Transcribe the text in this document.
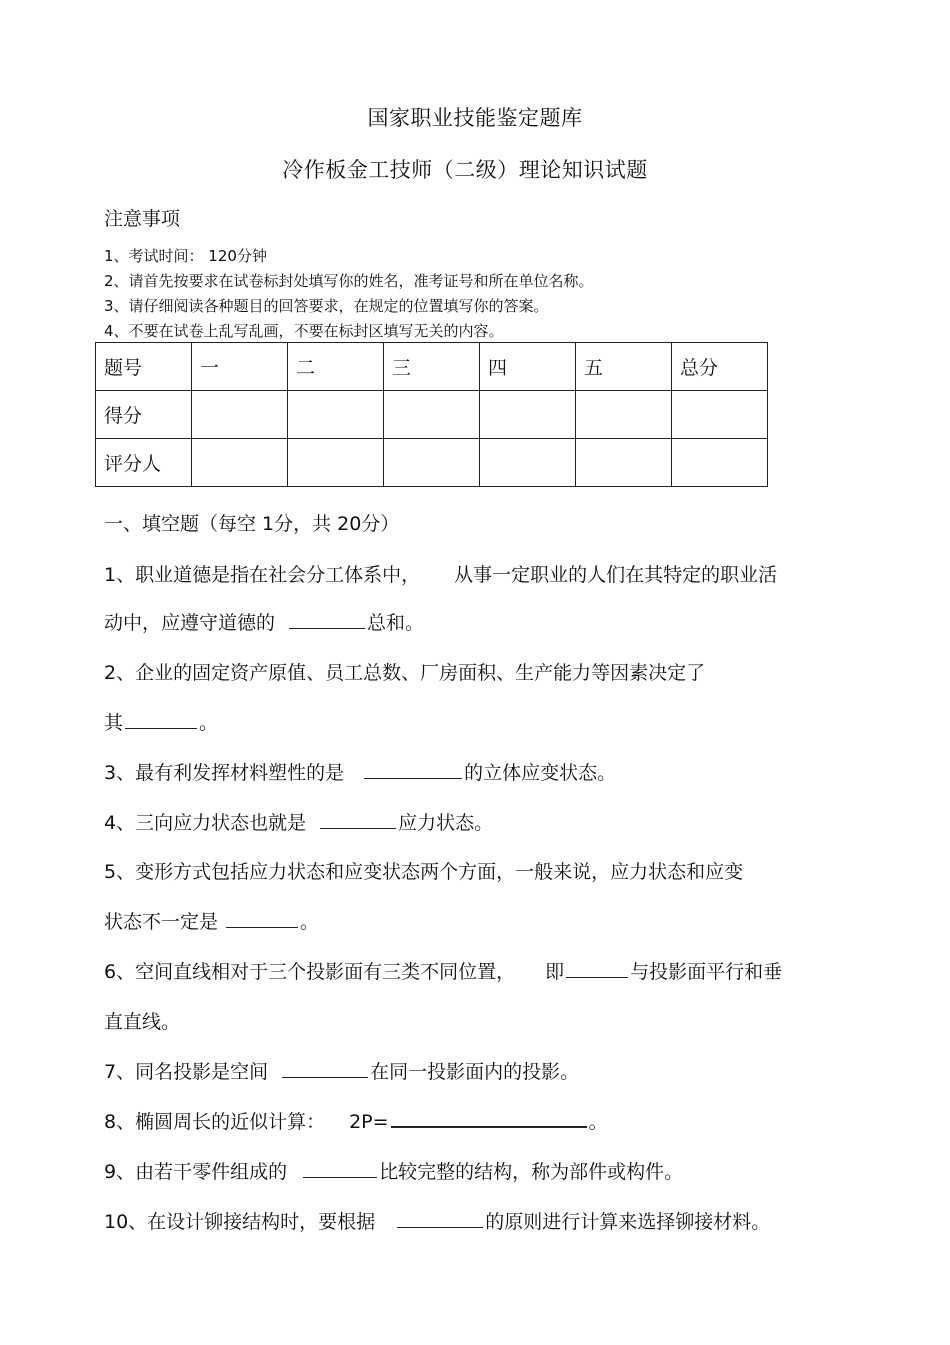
国家职业技能鉴定题库
冷作板金工技师（二级）理论知识试题
注意事项
1、考试时间： 120分钟
2、请首先按要求在试卷标封处填写你的姓名，准考证号和所在单位名称。
3、请仔细阅读各种题目的回答要求，在规定的位置填写你的答案。
4、不要在试卷上乱写乱画，不要在标封区填写无关的内容。
题号	一	二	三	四	五	总分
得分						
评分人						
一、填空题（每空 1分，共 20分）
1、职业道德是指在社会分工体系中， 从事一定职业的人们在其特定的职业活
动中，应遵守道德的	总和。
2、企业的固定资产原值、员工总数、厂房面积、生产能力等因素决定了
其	。
3、最有利发挥材料塑性的是	的立体应变状态。
4、三向应力状态也就是	应力状态。
5、变形方式包括应力状态和应变状态两个方面，一般来说，应力状态和应变
状态不一定是	。
6、空间直线相对于三个投影面有三类不同位置， 即	与投影面平行和垂
直直线。
7、同名投影是空间	在同一投影面内的投影。
8、椭圆周长的近似计算： 2P=	。
9、由若干零件组成的	比较完整的结构，称为部件或构件。
10、在设计铆接结构时，要根据	的原则进行计算来选择铆接材料。
